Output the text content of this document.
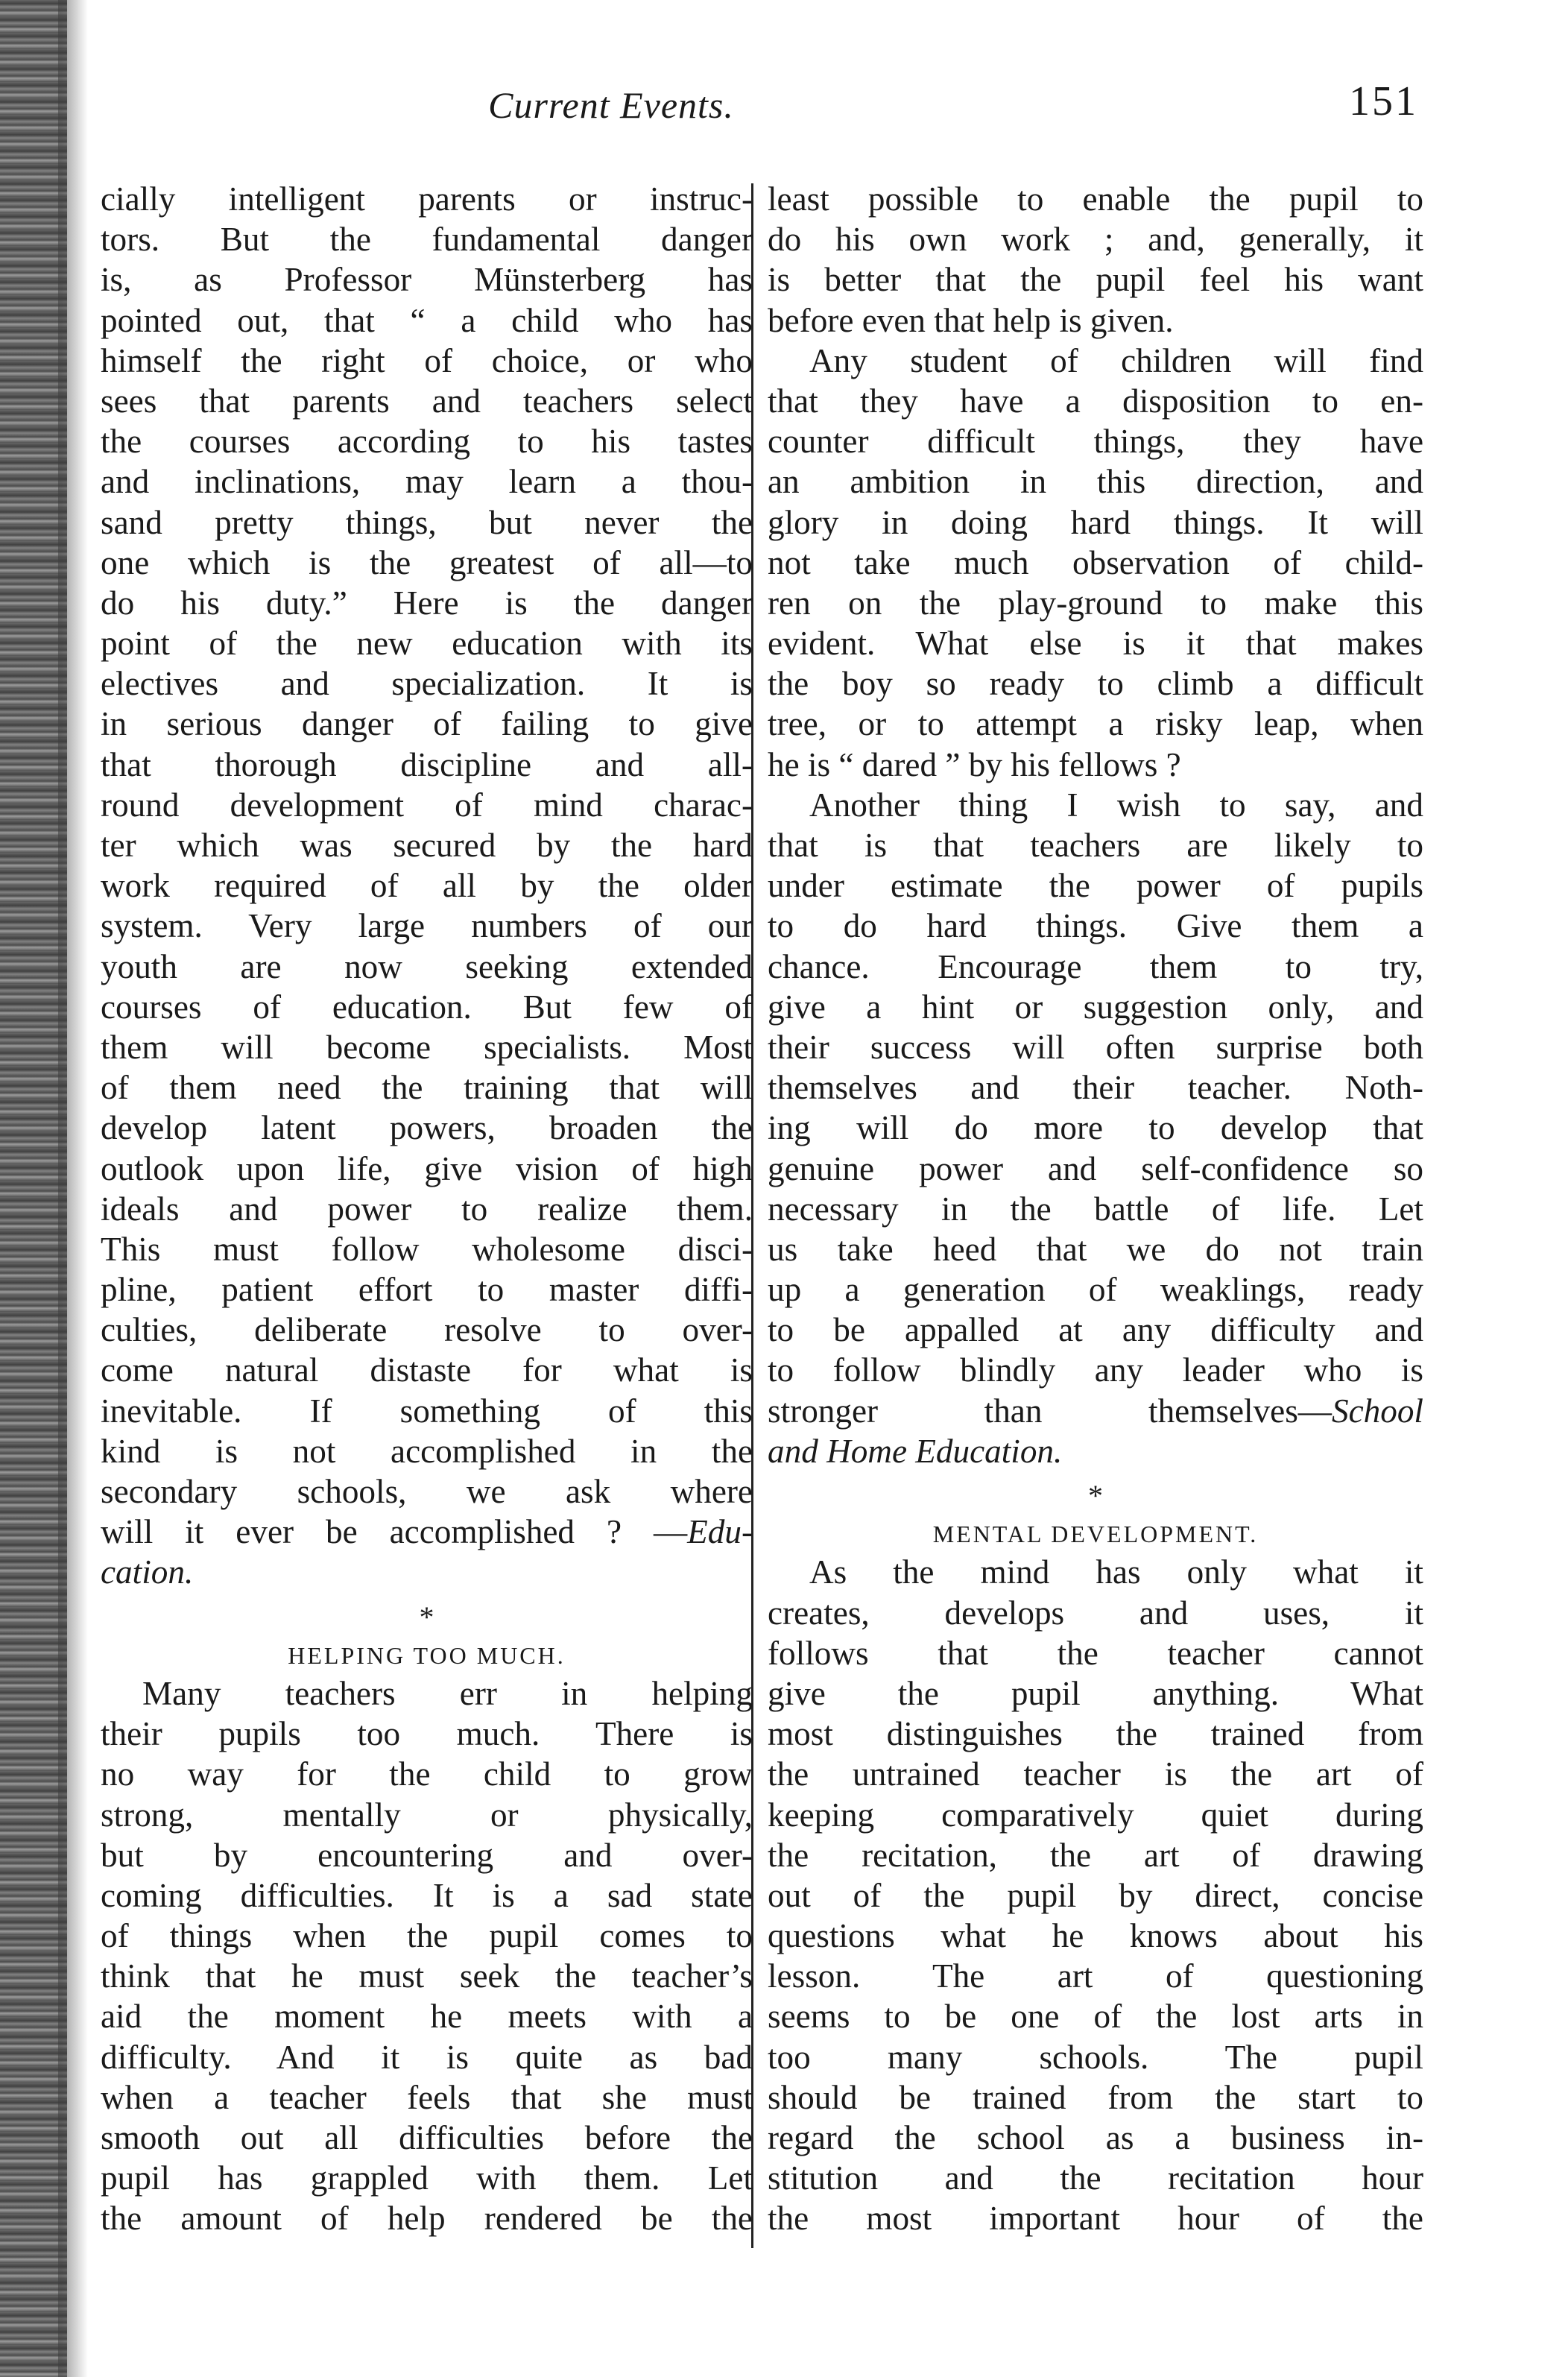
Current Events.	151
cially intelligent parents or instruc-
tors. But the fundamental danger
is, as Professor Münsterberg has
pointed out, that “ a child who has
himself the right of choice, or who
sees that parents and teachers select
the courses according to his tastes
and inclinations, may learn a thou-
sand pretty things, but never the
one which is the greatest of all—to
do his duty.” Here is the danger
point of the new education with its
electives and specialization. It is
in serious danger of failing to give
that thorough discipline and all-
round development of mind charac-
ter which was secured by the hard
work required of all by the older
system. Very large numbers of our
youth are now seeking extended
courses of education. But few of
them will become specialists. Most
of them need the training that will
develop latent powers, broaden the
outlook upon life, give vision of high
ideals and power to realize them.
This must follow wholesome disci-
pline, patient effort to master diffi-
culties, deliberate resolve to over-
come natural distaste for what is
inevitable. If something of this
kind is not accomplished in the
secondary schools, we ask where
will it ever be accomplished ? —Edu-
cation.
*
HELPING TOO MUCH.
Many teachers err in helping
their pupils too much. There is
no way for the child to grow
strong, mentally or physically,
but by encountering and over-
coming difficulties. It is a sad state
of things when the pupil comes to
think that he must seek the teacher’s
aid the moment he meets with a
difficulty. And it is quite as bad
when a teacher feels that she must
smooth out all difficulties before the
pupil has grappled with them. Let
the amount of help rendered be the
least possible to enable the pupil to
do his own work ; and, generally, it
is better that the pupil feel his want
before even that help is given.
Any student of children will find
that they have a disposition to en-
counter difficult things, they have
an ambition in this direction, and
glory in doing hard things. It will
not take much observation of child-
ren on the play-ground to make this
evident. What else is it that makes
the boy so ready to climb a difficult
tree, or to attempt a risky leap, when
he is “ dared ” by his fellows ?
Another thing I wish to say, and
that is that teachers are likely to
under estimate the power of pupils
to do hard things. Give them a
chance. Encourage them to try,
give a hint or suggestion only, and
their success will often surprise both
themselves and their teacher. Noth-
ing will do more to develop that
genuine power and self-confidence so
necessary in the battle of life. Let
us take heed that we do not train
up a generation of weaklings, ready
to be appalled at any difficulty and
to follow blindly any leader who is
stronger than themselves—School
and Home Education.
*
MENTAL DEVELOPMENT.
As the mind has only what it
creates, develops and uses, it
follows that the teacher cannot
give the pupil anything. What
most distinguishes the trained from
the untrained teacher is the art of
keeping comparatively quiet during
the recitation, the art of drawing
out of the pupil by direct, concise
questions what he knows about his
lesson. The art of questioning
seems to be one of the lost arts in
too many schools. The pupil
should be trained from the start to
regard the school as a business in-
stitution and the recitation hour
the most important hour of the
